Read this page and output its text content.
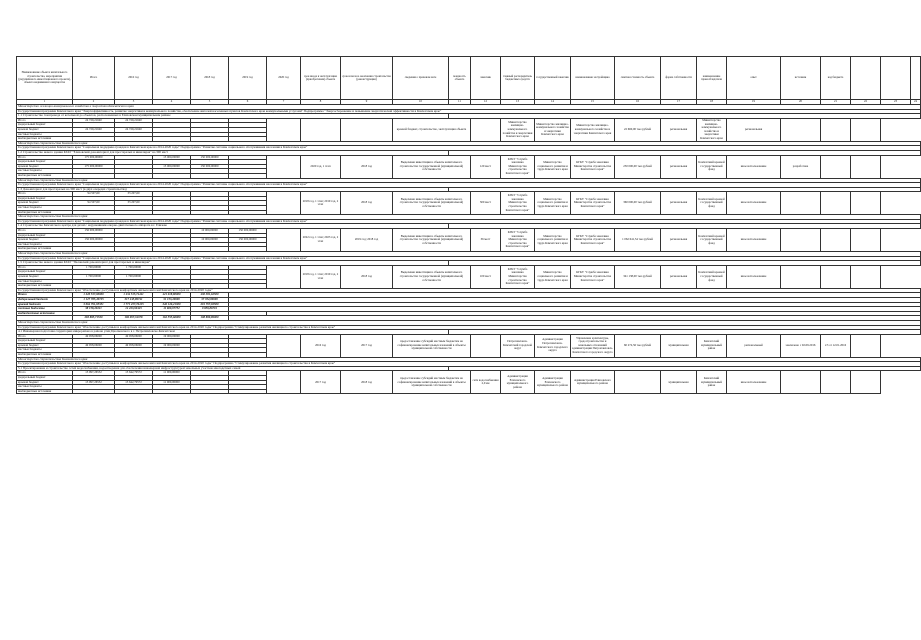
Наименование объекта капитального строительства, мероприятия (укрупнённого инвестиционного проекта), объекта недвижимого имущества	Итого	2016 год	2017 год	2018 год	2019 год	2020 год	срок ввода в эксплуатацию (приобретения) объекта	срок начала и окончания строительства (реконструкции)	сведения о правовом акте	мощность объекта	заказчик	главный распорядитель бюджетных средств	государственный заказчик	наименование застройщика	сметная стоимость объекта	форма собственности	наименование правообладателя	опыт	источник	код бюджета			
1	2	3	4	5	6	7	8	9	10	11	12	13	14	15	16	17	18	19	20	21	22	23	24
Министерство жилищно-коммунального хозяйства и энергетики Камчатского края																							
Государственная программа Камчатского края "Энергоэффективность, развитие энергетики и коммунального хозяйства, обеспечение жителей населенных пунктов Камчатского края коммунальными услугами" Подпрограмма "Энергосбережение и повышение энергетической эффективности в Камчатском крае"																							
1.1 Строительство газопровода от котельной до объектов, расположенных в Елизовском муниципальном районе																							
Итого	24 729,21640	24 729,21640							краевой бюджет, строительство, эксплуатация объекта			Министерство жилищно-коммунального хозяйства и энергетики Камчатского края	Министерство жилищно-коммунального хозяйства и энергетики Камчатского края	Министерство жилищно-коммунального хозяйства и энергетики Камчатского края	22 660,00 тыс.рублей	региональная	Министерство жилищно-коммунального хозяйства и энергетики Камчатского края	региональная					
федеральный бюджет																							
краевой бюджет	24 729,21640	24 729,21640																					
местные бюджеты																							
внебюджетные источники																							
Министерство строительства Камчатского края																							
Государственная программа Камчатского края "Социальная поддержка граждан в Камчатском крае на 2014-2020 годы" Подпрограмма "Развитие системы социального обслуживания населения в Камчатском крае"																							
1.2 Строительство нового здания КГАУ "Елизовский дом-интернат для престарелых и инвалидов" на 300 мест																							
Итого	175 000,00000		15 000,00000	150 000,00000			2020 год, 1 этап	2018 год	Выделение инвестиции в объекты капитального строительства государственной (муниципальной) собственности		120 мест	КГКУ "Служба заказчика Министерства строительства Камчатского края"	Министерство социального развития и труда Камчатского края	КГКУ "Служба заказчика Министерства строительства Камчатского края"	250 000,00 тыс.рублей	региональная	Камчатский краевой государственный фонд	иное использование	разработана				
федеральный бюджет																							
краевой бюджет	175 000,00000		15 000,00000	150 000,00000																			
местные бюджеты																							
внебюджетные источники																							
Министерство строительства Камчатского края																							
Государственная программа Камчатского края "Социальная поддержка граждан в Камчатском крае на 2014-2020 годы" Подпрограмма "Развитие системы социального обслуживания населения в Камчатском крае"																							
1.3 Дом-интернат для престарелых на 300 мест (в двух очередях строительства)																							
Итого	94 507,60	33 207,60					2018 год, 1 этап; 2019 год, 2 этап	2018 год	Выделение инвестиции в объекты капитального строительства государственной (муниципальной) собственности		300 мест	КГКУ "Служба заказчика Министерства строительства Камчатского края"	Министерство социального развития и труда Камчатского края	КГКУ "Служба заказчика Министерства строительства Камчатского края"	360 000,00 тыс.рублей	региональная	Камчатский краевой государственный фонд	иное использование					
федеральный бюджет																							
краевой бюджет	94 507,60	33 207,60																					
местные бюджеты																							
внебюджетные источники																							
Министерство строительства Камчатского края																							
Государственная программа Камчатского края "Социальная поддержка граждан в Камчатском крае на 2014-2020 годы" Подпрограмма "Развитие системы социального обслуживания населения в Камчатском крае"																							
1.4 Строительство Камчатского центра для детей с нарушениями опорно-двигательного аппарата в г. Елизово																							
Итого	156 000,00000			10 000,00000	150 000,00000		2022 год, 1 этап; 2023 год, 2 этап	2019 год; 2018 год	Выделение инвестиции в объекты капитального строительства государственной (муниципальной) собственности		36 мест	КГКУ "Служба заказчика Министерства строительства Камчатского края"	Министерство социального развития и труда Камчатского края	КГКУ "Служба заказчика Министерства строительства Камчатского края"	1 062 641,54 тыс.рублей	региональная	Камчатский краевой государственный фонд	иное использование					
федеральный бюджет																							
краевой бюджет	156 000,00000			10 000,00000	150 000,00000																		
местные бюджеты																							
внебюджетные источники																							
Министерство строительства Камчатского края																							
Государственная программа Камчатского края "Социальная поддержка граждан в Камчатском крае на 2014-2020 годы" Подпрограмма "Развитие системы социального обслуживания населения в Камчатском крае"																							
1.5 Строительство нового здания КГАУ "Паланский дом-интернат для престарелых и инвалидов"																							
Итого	1 700,00000	1 700,00000					2018 год, 1 этап; 2019 год, 2 этап	2018 год	Выделение инвестиции в объекты капитального строительства государственной (муниципальной) собственности		100 мест	КГКУ "Служба заказчика Министерства строительства Камчатского края"	Министерство социального развития и труда Камчатского края	КГКУ "Служба заказчика Министерства строительства Камчатского края"	341 138,00 тыс.рублей	региональная	Камчатский краевой государственный фонд	иное использование					
федеральный бюджет																							
краевой бюджет	1 700,00000	1 700,00000																					
местные бюджеты																							
внебюджетные источники																							
Государственная программа Камчатского края "Обеспечение доступным и комфортным жильем жителей Камчатского края на 2014-2020 годы"																							
Итого	1 220 537,00000	1 434 515,74441	421 018,80000	430 381,62500																			
федеральный бюджет	1 127 785,49725	317 245,89741	31 153,20000	37 352,89000																			
краевой бюджет	3 064 791,95351	1 771 457,76415	346 126,21300	291 797,92500																			
местные бюджеты	38 158,20221	14 223,90445	11 609,97752	9 850,86791																			
внебюджетные источники																							
	283 885,71530	169 097,34378	162 555,66000	108 880,89000																			
Министерство строительства Камчатского края																							
Государственная программа Камчатского края "Обеспечение доступным и комфортным жильем жителей Камчатского края на 2014-2020 годы" Подпрограмма "Стимулирование развития жилищного строительства в Камчатском крае"																							
4.1 Инженерная подготовка территории микрорайона в районе улиц Циолковского в г. Петропавловске-Камчатском																							
Итого	49 958,06000	49 958,06000	19 000,00000				2016 год	2017 год	предоставление субсидий местным бюджетам на софинансирование капитальных вложений в объекты муниципальной собственности			Петропавловск-Камчатский городской округ	Администрация Петропавловск-Камчатского городского округа	Управление архитектуры, градостроительства и земельных отношений администрации Петропавловск-Камчатского городского округа	60 272,56 тыс.рублей	муниципальная	Камчатский муниципальный район	региональный	заключено с 02.09.2016	з/3 от 12.01.2016			
федеральный бюджет																							
краевой бюджет	49 958,06000	49 958,06000	19 000,00000																				
местные бюджеты																							
внебюджетные источники																							
Министерство строительства Камчатского края																							
Государственная программа Камчатского края "Обеспечение доступным и комфортным жильем жителей Камчатского края на 2014-2020 годы" Подпрограмма "Стимулирование развития жилищного строительства в Камчатском крае"																							
5.1 Проектирование и строительство сетей водоснабжения, водоотведения для обеспечения инженерной инфраструктурой земельных участков многодетных семей																							
Итого	13 997,26552	13 642,79572	11 000,00000				2017 год	2018 год	предоставление субсидий местным бюджетам на софинансирование капитальных вложений в объекты муниципальной собственности		сети водоснабжения 2,9 км	Администрация Елизовского муниципального района	Администрация Елизовского муниципального района	Администрация Елизовского муниципального района		муниципальная	Камчатский муниципальный район	иное использование					
федеральный бюджет																							
краевой бюджет	13 997,26552	13 642,79572	11 000,00000																				
местные бюджеты																							
внебюджетные источники																							
